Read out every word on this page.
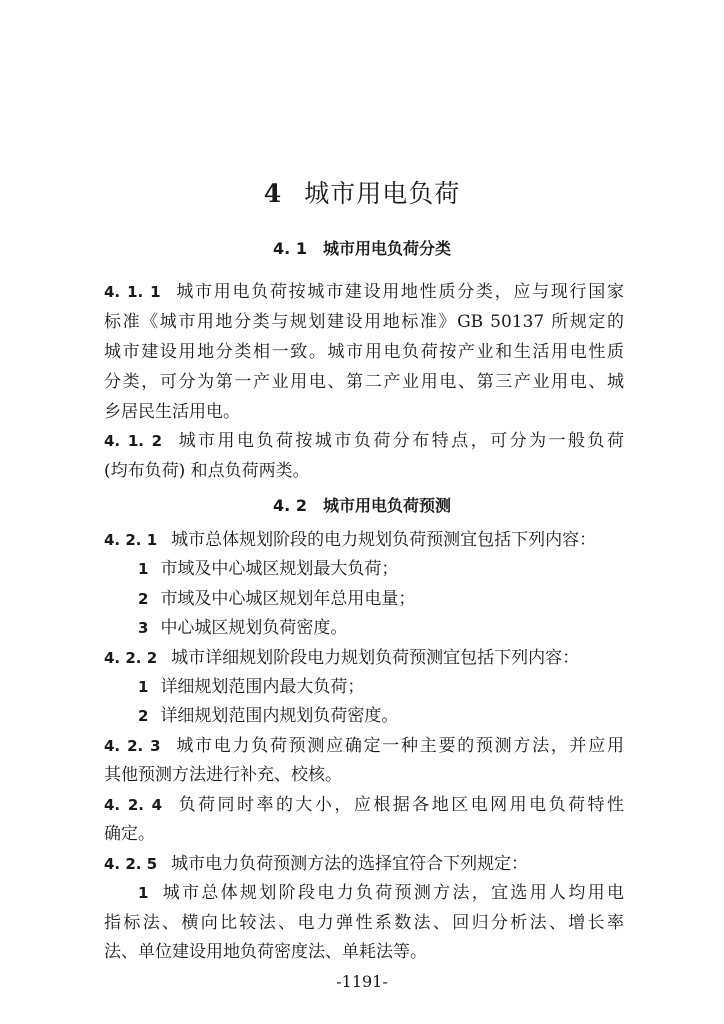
4 城市用电负荷
4. 1 城市用电负荷分类
4. 1. 1 城市用电负荷按城市建设用地性质分类，应与现行国家
标准《城市用地分类与规划建设用地标准》GB 50137 所规定的
城市建设用地分类相一致。城市用电负荷按产业和生活用电性质
分类，可分为第一产业用电、第二产业用电、第三产业用电、城
乡居民生活用电。
4. 1. 2 城市用电负荷按城市负荷分布特点，可分为一般负荷
(均布负荷) 和点负荷两类。
4. 2 城市用电负荷预测
4. 2. 1 城市总体规划阶段的电力规划负荷预测宜包括下列内容：
1 市域及中心城区规划最大负荷；
2 市域及中心城区规划年总用电量；
3 中心城区规划负荷密度。
4. 2. 2 城市详细规划阶段电力规划负荷预测宜包括下列内容：
1 详细规划范围内最大负荷；
2 详细规划范围内规划负荷密度。
4. 2. 3 城市电力负荷预测应确定一种主要的预测方法，并应用
其他预测方法进行补充、校核。
4. 2. 4 负荷同时率的大小，应根据各地区电网用电负荷特性
确定。
4. 2. 5 城市电力负荷预测方法的选择宜符合下列规定：
1 城市总体规划阶段电力负荷预测方法，宜选用人均用电
指标法、横向比较法、电力弹性系数法、回归分析法、增长率
法、单位建设用地负荷密度法、单耗法等。
-1191-
